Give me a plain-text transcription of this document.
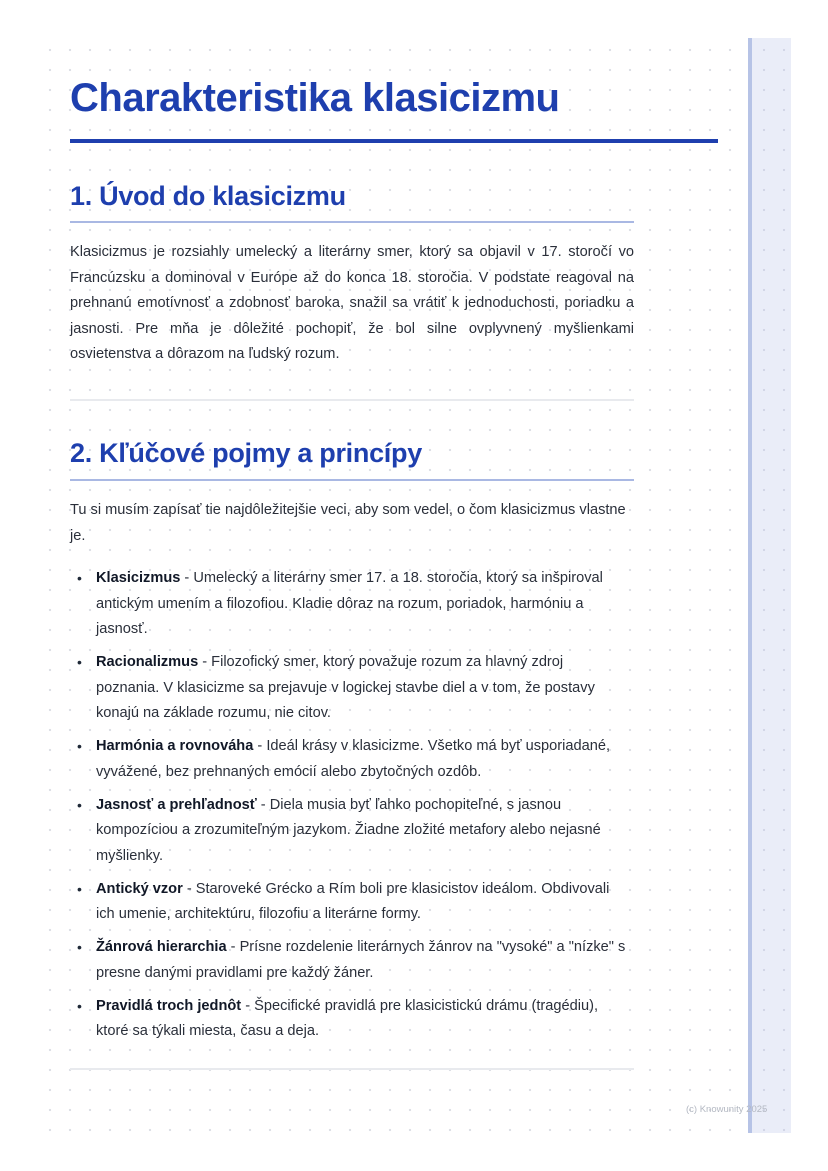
Charakteristika klasicizmu
1. Úvod do klasicizmu

Klasicizmus je rozsiahly umelecký a literárny smer, ktorý sa objavil v 17. storočí vo Francúzsku a dominoval v Európe až do konca 18. storočia. V podstate reagoval na prehnanú emotívnosť a zdobnosť baroka, snažil sa vrátiť k jednoduchosti, poriadku a jasnosti. Pre mňa je dôležité pochopiť, že bol silne ovplyvnený myšlienkami osvietenstva a dôrazom na ľudský rozum.

2. Kľúčové pojmy a princípy

Tu si musím zapísať tie najdôležitejšie veci, aby som vedel, o čom klasicizmus vlastne je.

• Klasicizmus - Umelecký a literárny smer 17. a 18. storočia, ktorý sa inšpiroval antickým umením a filozofiou. Kladie dôraz na rozum, poriadok, harmóniu a jasnosť.
• Racionalizmus - Filozofický smer, ktorý považuje rozum za hlavný zdroj poznania. V klasicizme sa prejavuje v logickej stavbe diel a v tom, že postavy konajú na základe rozumu, nie citov.
• Harmónia a rovnováha - Ideál krásy v klasicizme. Všetko má byť usporiadané, vyvážené, bez prehnaných emócií alebo zbytočných ozdôb.
• Jasnosť a prehľadnosť - Diela musia byť ľahko pochopiteľné, s jasnou kompozíciou a zrozumiteľným jazykom. Žiadne zložité metafory alebo nejasné myšlienky.
• Antický vzor - Staroveké Grécko a Rím boli pre klasicistov ideálom. Obdivovali ich umenie, architektúru, filozofiu a literárne formy.
• Žánrová hierarchia - Prísne rozdelenie literárnych žánrov na "vysoké" a "nízke" s presne danými pravidlami pre každý žáner.
• Pravidlá troch jednôt - Špecifické pravidlá pre klasicistickú drámu (tragédiu), ktoré sa týkali miesta, času a deja.
(c) Knowunity 2025
